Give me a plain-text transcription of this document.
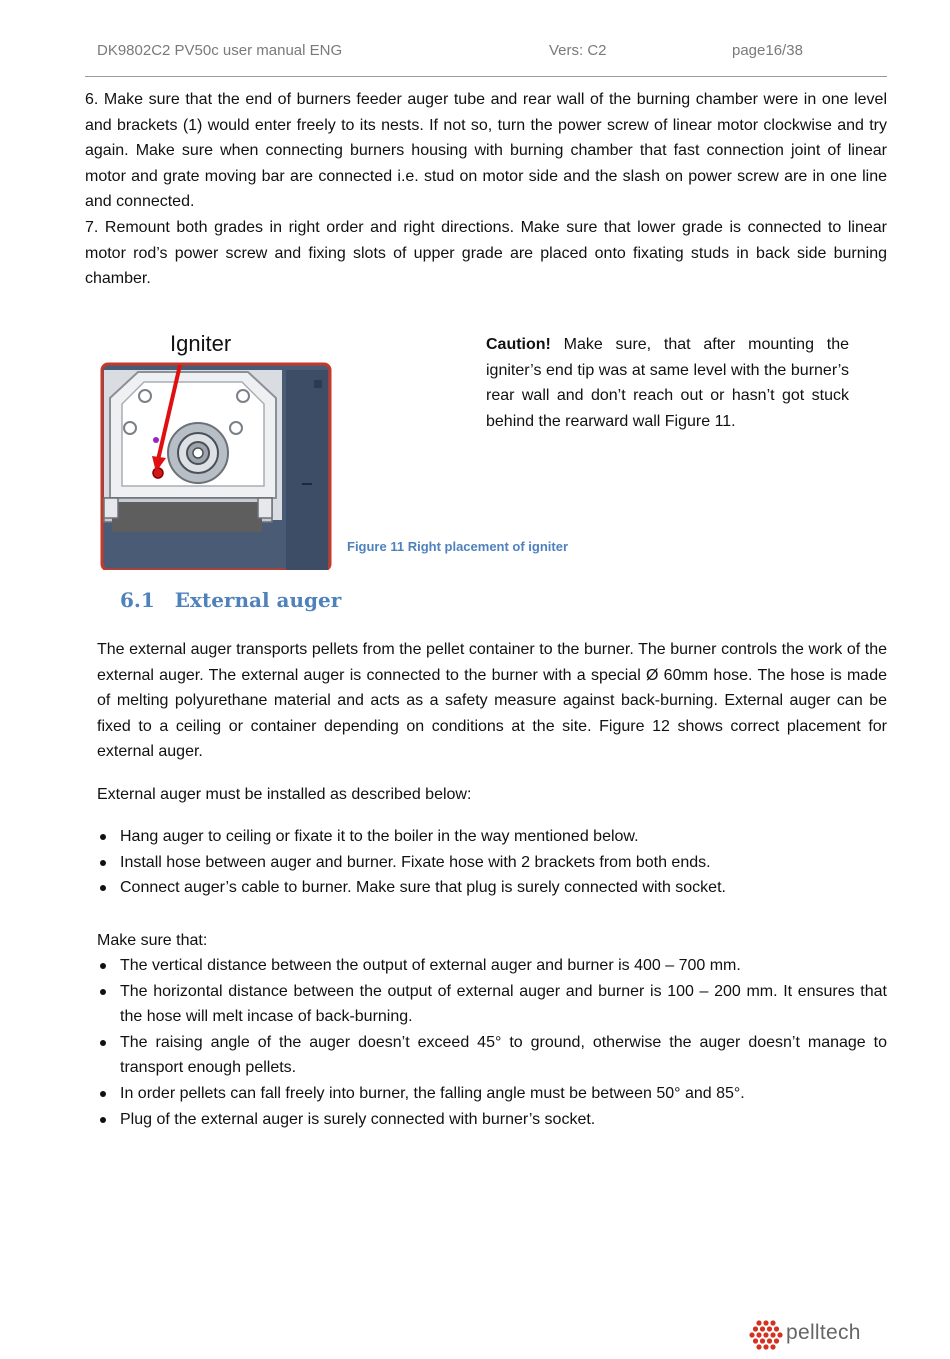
DK9802C2 PV50c user manual ENG	Vers: C2	page16/38

6. Make sure that the end of burners feeder auger tube and rear wall of the burning chamber were in one level and brackets (1) would enter freely to its nests. If not so, turn the power screw of linear motor clockwise and try again. Make sure when connecting burners housing with burning chamber that fast connection joint of linear motor and grate moving bar are connected i.e. stud on motor side and the slash on power screw are in one line and connected.

7. Remount both grades in right order and right directions. Make sure that lower grade is connected to linear motor rod’s power screw and fixing slots of upper grade are placed onto fixating studs in back side burning chamber.

Igniter	Caution! Make sure, that after mounting the igniter’s end tip was at same level with the burner’s rear wall and don’t reach out or hasn’t got stuck behind the rearward wall Figure 11.

Figure 11 Right placement of igniter
6.1 External auger

The external auger transports pellets from the pellet container to the burner. The burner controls the work of the external auger. The external auger is connected to the burner with a special Ø 60mm hose. The hose is made of melting polyurethane material and acts as a safety measure against back-burning. External auger can be fixed to a ceiling or container depending on conditions at the site. Figure 12 shows correct placement for external auger.

External auger must be installed as described below:

Hang auger to ceiling or fixate it to the boiler in the way mentioned below.
Install hose between auger and burner. Fixate hose with 2 brackets from both ends.
Connect auger’s cable to burner. Make sure that plug is surely connected with socket.

Make sure that:

The vertical distance between the output of external auger and burner is 400 – 700 mm.
The horizontal distance between the output of external auger and burner is 100 – 200 mm. It ensures that the hose will melt incase of back-burning.
The raising angle of the auger doesn’t exceed 45° to ground, otherwise the auger doesn’t manage to transport enough pellets.
In order pellets can fall freely into burner, the falling angle must be between 50° and 85°.
Plug of the external auger is surely connected with burner’s socket.
pelltech
